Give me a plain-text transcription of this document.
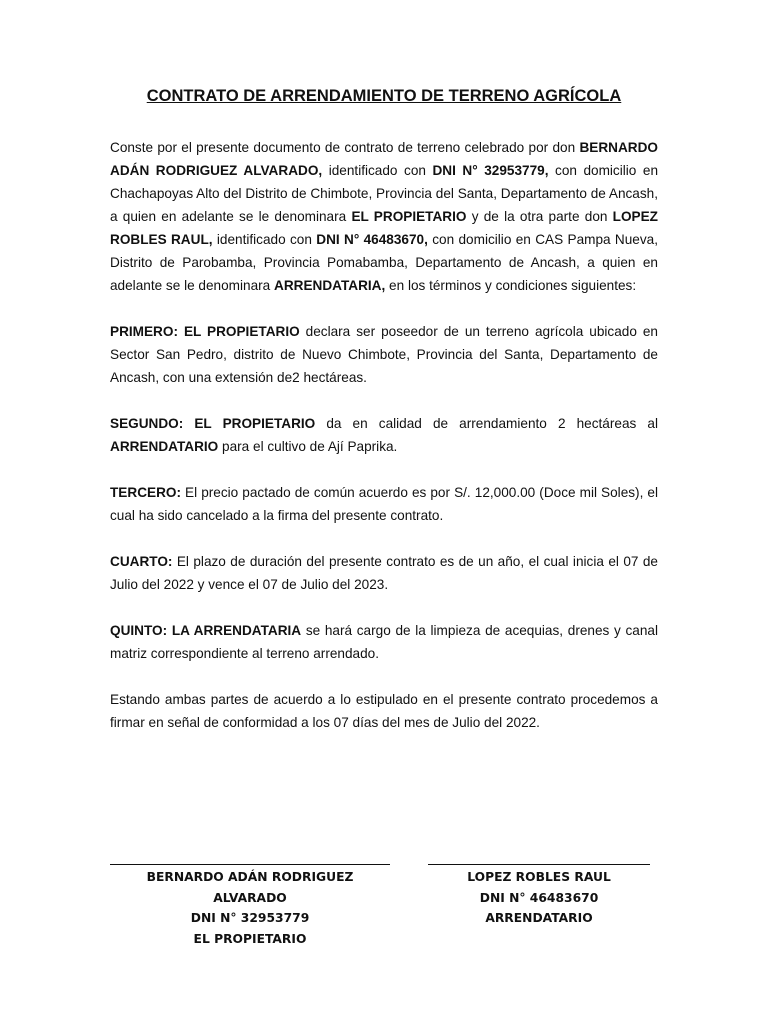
CONTRATO DE ARRENDAMIENTO DE TERRENO AGRÍCOLA

Conste por el presente documento de contrato de terreno celebrado por don BERNARDO ADÁN RODRIGUEZ ALVARADO, identificado con DNI N° 32953779, con domicilio en Chachapoyas Alto del Distrito de Chimbote, Provincia del Santa, Departamento de Ancash, a quien en adelante se le denominara EL PROPIETARIO y de la otra parte don LOPEZ ROBLES RAUL, identificado con DNI N° 46483670, con domicilio en CAS Pampa Nueva, Distrito de Parobamba, Provincia Pomabamba, Departamento de Ancash, a quien en adelante se le denominara ARRENDATARIA, en los términos y condiciones siguientes:

PRIMERO: EL PROPIETARIO declara ser poseedor de un terreno agrícola ubicado en Sector San Pedro, distrito de Nuevo Chimbote, Provincia del Santa, Departamento de Ancash, con una extensión de2 hectáreas.

SEGUNDO: EL PROPIETARIO da en calidad de arrendamiento 2 hectáreas al ARRENDATARIO para el cultivo de Ají Paprika.

TERCERO: El precio pactado de común acuerdo es por S/. 12,000.00 (Doce mil Soles), el cual ha sido cancelado a la firma del presente contrato.

CUARTO: El plazo de duración del presente contrato es de un año, el cual inicia el 07 de Julio del 2022 y vence el 07 de Julio del 2023.

QUINTO: LA ARRENDATARIA se hará cargo de la limpieza de acequias, drenes y canal matriz correspondiente al terreno arrendado.

Estando ambas partes de acuerdo a lo estipulado en el presente contrato procedemos a firmar en señal de conformidad a los 07 días del mes de Julio del 2022.

BERNARDO ADÁN RODRIGUEZ ALVARADO
DNI N° 32953779
EL PROPIETARIO
LOPEZ ROBLES RAUL
DNI N° 46483670
ARRENDATARIO
